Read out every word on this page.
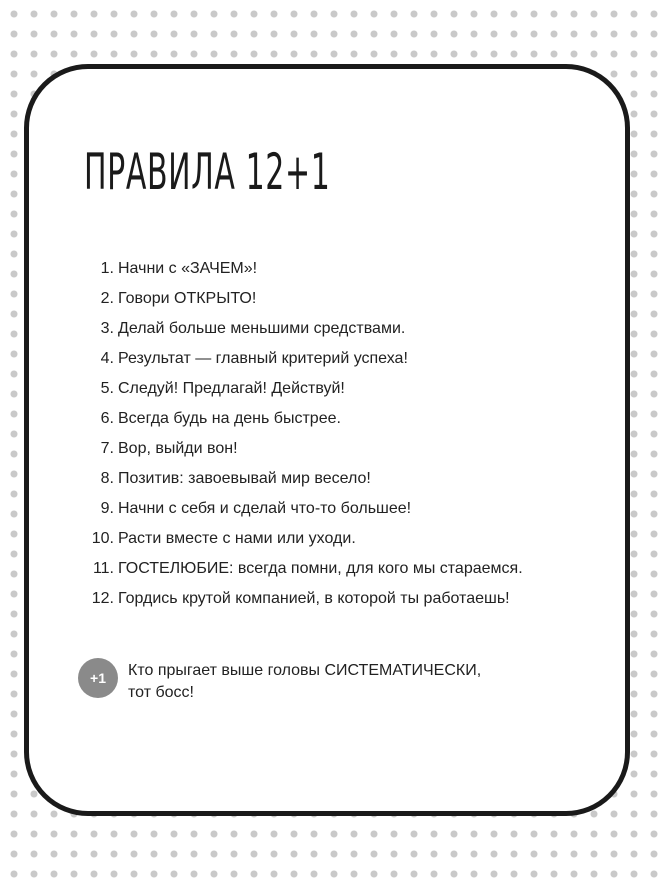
ПРАВИЛА 12+1
1. Начни с «ЗАЧЕМ»!
2. Говори ОТКРЫТО!
3. Делай больше меньшими средствами.
4. Результат — главный критерий успеха!
5. Следуй! Предлагай! Действуй!
6. Всегда будь на день быстрее.
7. Вор, выйди вон!
8. Позитив: завоевывай мир весело!
9. Начни с себя и сделай что-то большее!
10. Расти вместе с нами или уходи.
11. ГОСТЕЛЮБИЕ: всегда помни, для кого мы стараемся.
12. Гордись крутой компанией, в которой ты работаешь!
+1	Кто прыгает выше головы СИСТЕМАТИЧЕСКИ,
тот босс!
